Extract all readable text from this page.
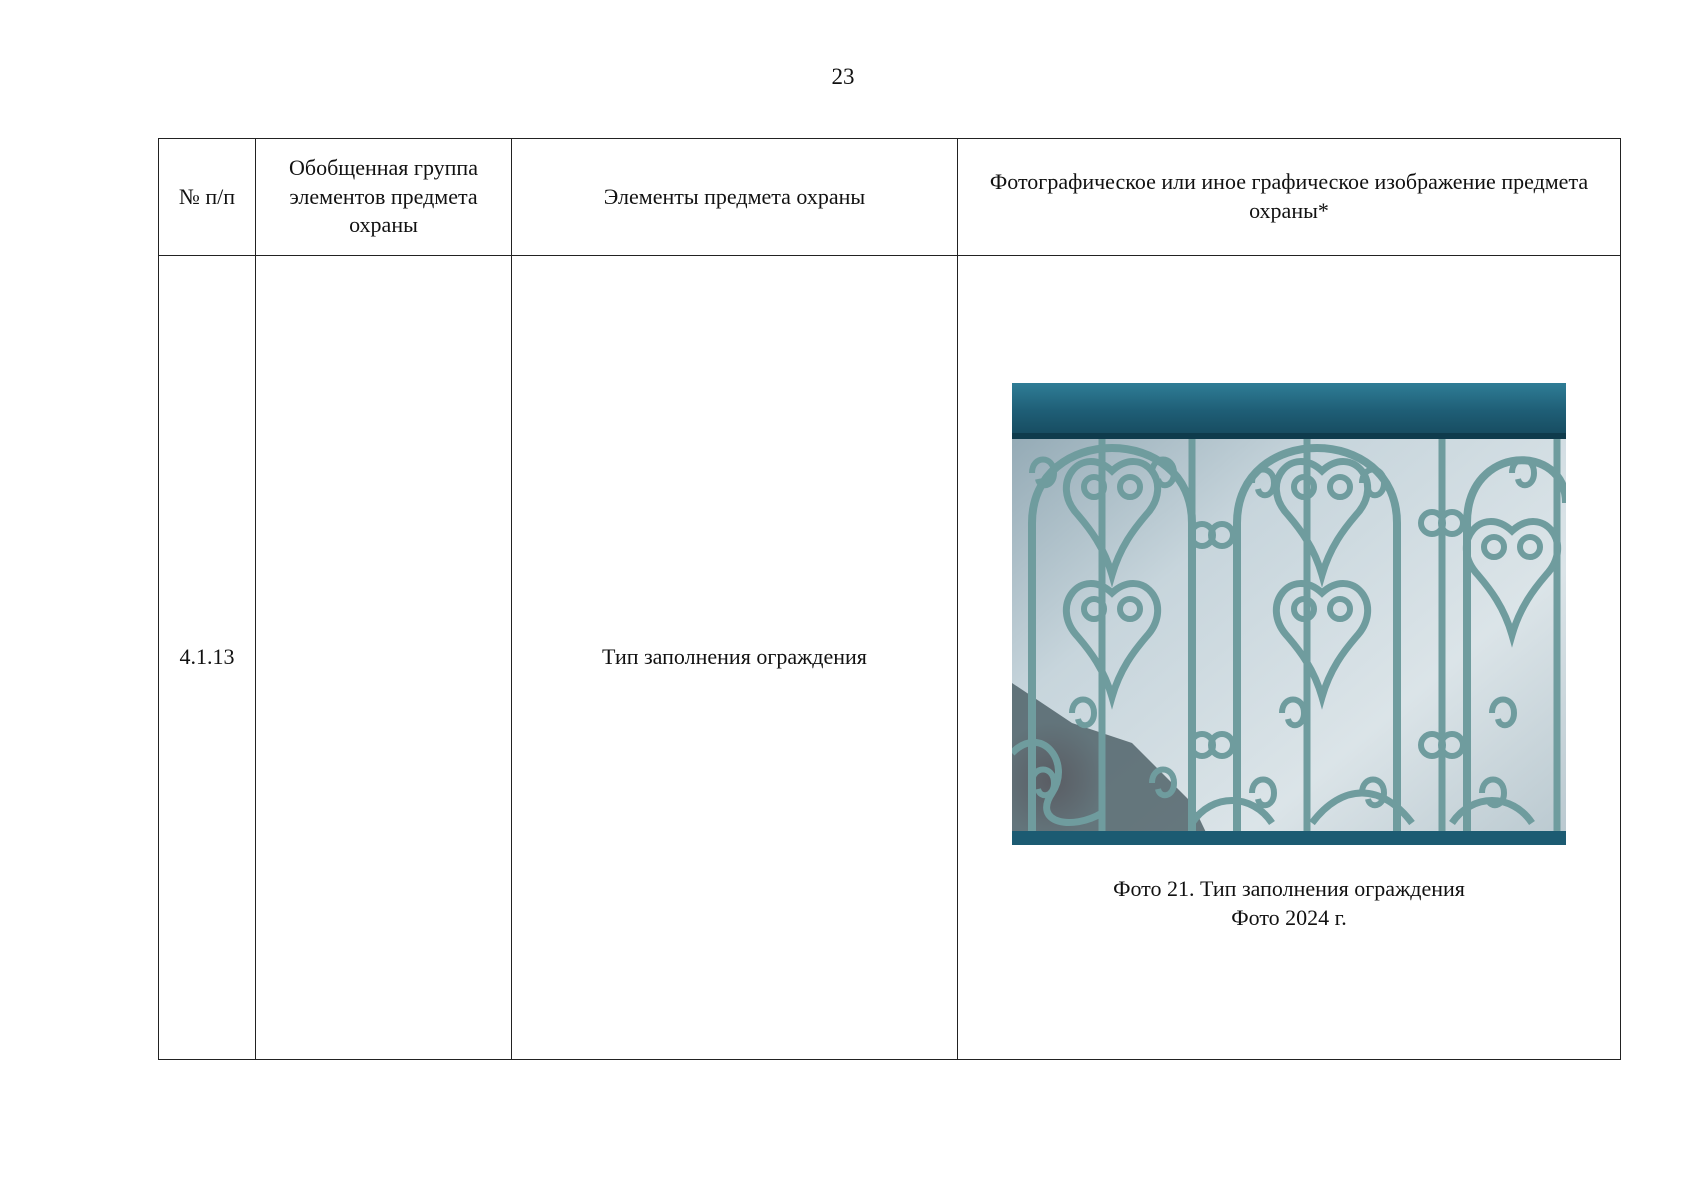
23
№ п/п	Обобщенная группа элементов предмета охраны	Элементы предмета охраны	Фотографическое или иное графическое изображение предмета охраны*
4.1.13		Тип заполнения ограждения	Фото 21. Тип заполнения ограждения
Фото 2024 г.
